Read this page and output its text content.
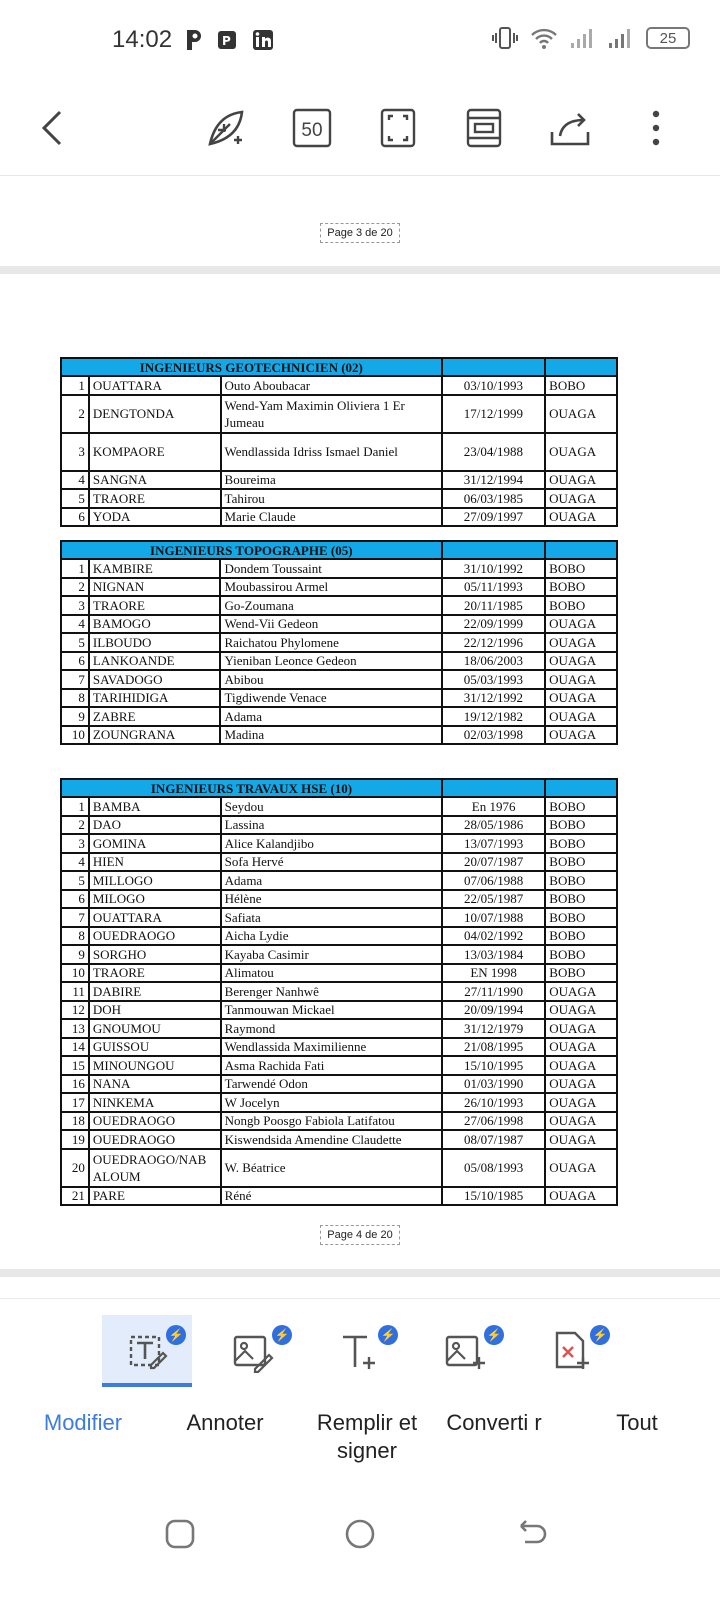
14:02	P	25
50
Page 3 de 20
INGENIEURS GEOTECHNICIEN (02)				
1	OUATTARA	Outo Aboubacar	03/10/1993	BOBO
2	DENGTONDA	Wend-Yam Maximin Oliviera 1 Er Jumeau	17/12/1999	OUAGA
3	KOMPAORE	Wendlassida Idriss Ismael Daniel	23/04/1988	OUAGA
4	SANGNA	Boureima	31/12/1994	OUAGA
5	TRAORE	Tahirou	06/03/1985	OUAGA
6	YODA	Marie Claude	27/09/1997	OUAGA
INGENIEURS TOPOGRAPHE (05)				
1	KAMBIRE	Dondem Toussaint	31/10/1992	BOBO
2	NIGNAN	Moubassirou Armel	05/11/1993	BOBO
3	TRAORE	Go-Zoumana	20/11/1985	BOBO
4	BAMOGO	Wend-Vii Gedeon	22/09/1999	OUAGA
5	ILBOUDO	Raichatou Phylomene	22/12/1996	OUAGA
6	LANKOANDE	Yieniban Leonce Gedeon	18/06/2003	OUAGA
7	SAVADOGO	Abibou	05/03/1993	OUAGA
8	TARIHIDIGA	Tigdiwende Venace	31/12/1992	OUAGA
9	ZABRE	Adama	19/12/1982	OUAGA
10	ZOUNGRANA	Madina	02/03/1998	OUAGA
INGENIEURS TRAVAUX HSE (10)				
1	BAMBA	Seydou	En 1976	BOBO
2	DAO	Lassina	28/05/1986	BOBO
3	GOMINA	Alice Kalandjibo	13/07/1993	BOBO
4	HIEN	Sofa Hervé	20/07/1987	BOBO
5	MILLOGO	Adama	07/06/1988	BOBO
6	MILOGO	Hélène	22/05/1987	BOBO
7	OUATTARA	Safiata	10/07/1988	BOBO
8	OUEDRAOGO	Aicha Lydie	04/02/1992	BOBO
9	SORGHO	Kayaba Casimir	13/03/1984	BOBO
10	TRAORE	Alimatou	EN 1998	BOBO
11	DABIRE	Berenger Nanhwê	27/11/1990	OUAGA
12	DOH	Tanmouwan Mickael	20/09/1994	OUAGA
13	GNOUMOU	Raymond	31/12/1979	OUAGA
14	GUISSOU	Wendlassida Maximilienne	21/08/1995	OUAGA
15	MINOUNGOU	Asma Rachida Fati	15/10/1995	OUAGA
16	NANA	Tarwendé Odon	01/03/1990	OUAGA
17	NINKEMA	W Jocelyn	26/10/1993	OUAGA
18	OUEDRAOGO	Nongb Poosgo Fabiola Latifatou	27/06/1998	OUAGA
19	OUEDRAOGO	Kiswendsida Amendine Claudette	08/07/1987	OUAGA
20	OUEDRAOGO/NAB ALOUM	W. Béatrice	05/08/1993	OUAGA
21	PARE	Réné	15/10/1985	OUAGA
Page 4 de 20
⚡	⚡	⚡	⚡	⚡
Modifier	Annoter	Remplir et signer
Converti r	Tout
